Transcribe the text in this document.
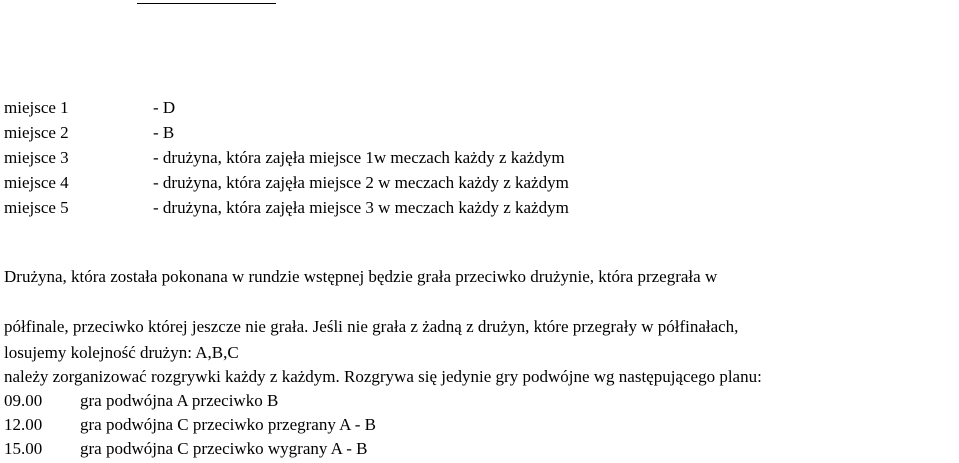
miejsce 1	- D
miejsce 2	- B
miejsce 3	- drużyna, która zajęła miejsce 1w meczach każdy z każdym
miejsce 4	- drużyna, która zajęła miejsce 2 w meczach każdy z każdym
miejsce 5	- drużyna, która zajęła miejsce 3 w meczach każdy z każdym

Drużyna, która została pokonana w rundzie wstępnej będzie grała przeciwko drużynie, która przegrała w

półfinale, przeciwko której jeszcze nie grała. Jeśli nie grała z żadną z drużyn, które przegrały w półfinałach,

należy zorganizować rozgrywki każdy z każdym. Rozgrywa się jedynie gry podwójne wg następującego planu:

losujemy kolejność drużyn: A,B,C
09.00 gra podwójna A przeciwko B
12.00 gra podwójna C przeciwko przegrany A - B
15.00 gra podwójna C przeciwko wygrany A - B
